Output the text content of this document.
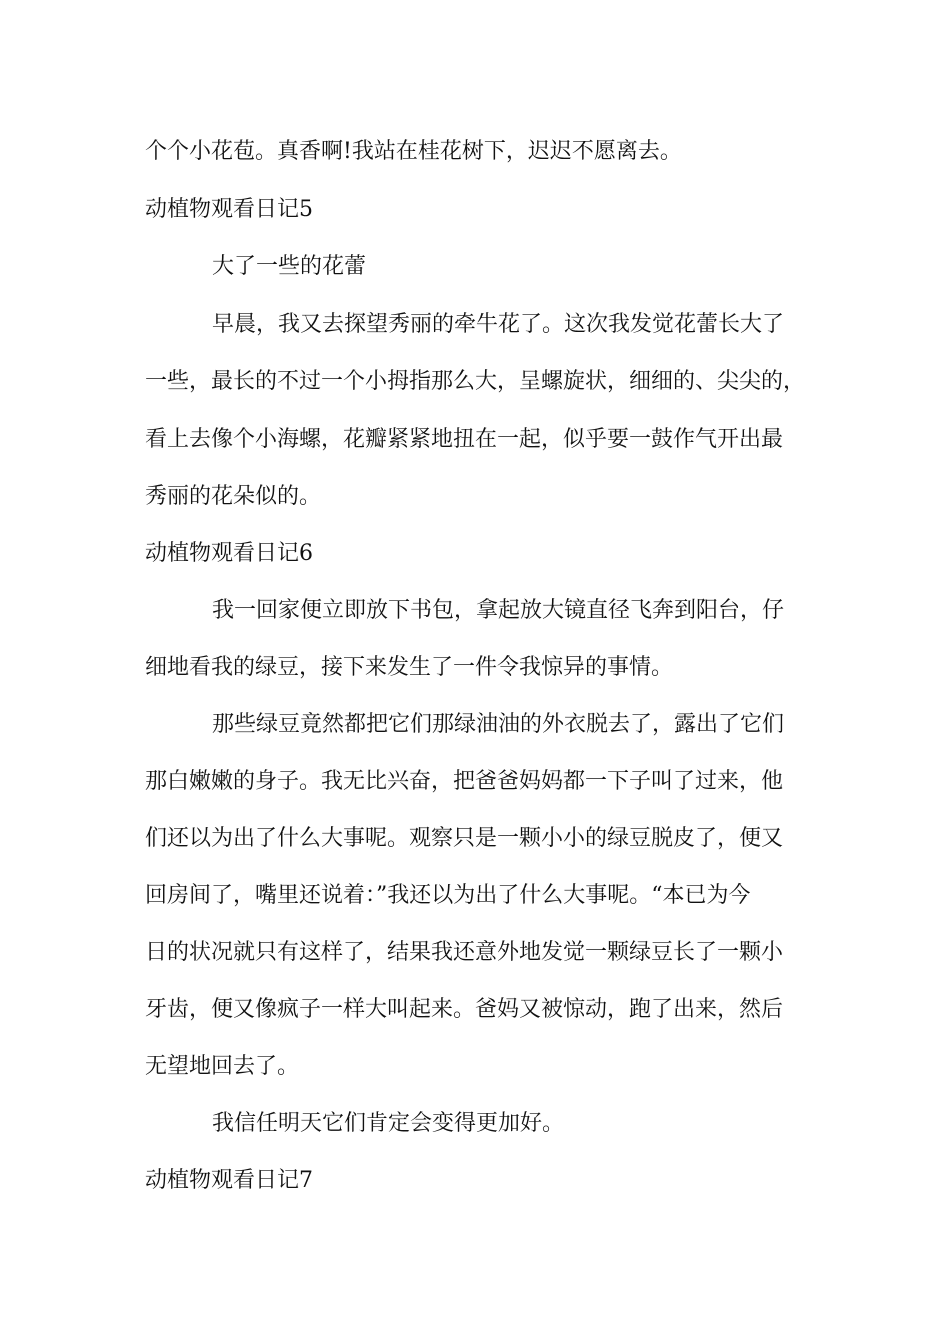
个个小花苞。真香啊!我站在桂花树下，迟迟不愿离去。

动植物观看日记5

大了一些的花蕾

早晨，我又去探望秀丽的牵牛花了。这次我发觉花蕾长大了

一些，最长的不过一个小拇指那么大，呈螺旋状，细细的、尖尖的，

看上去像个小海螺，花瓣紧紧地扭在一起，似乎要一鼓作气开出最

秀丽的花朵似的。

动植物观看日记6

我一回家便立即放下书包，拿起放大镜直径飞奔到阳台，仔

细地看我的绿豆，接下来发生了一件令我惊异的事情。

那些绿豆竟然都把它们那绿油油的外衣脱去了，露出了它们

那白嫩嫩的身子。我无比兴奋，把爸爸妈妈都一下子叫了过来，他

们还以为出了什么大事呢。观察只是一颗小小的绿豆脱皮了，便又

回房间了，嘴里还说着：”我还以为出了什么大事呢。“本已为今

日的状况就只有这样了，结果我还意外地发觉一颗绿豆长了一颗小

牙齿，便又像疯子一样大叫起来。爸妈又被惊动，跑了出来，然后

无望地回去了。

我信任明天它们肯定会变得更加好。

动植物观看日记7
